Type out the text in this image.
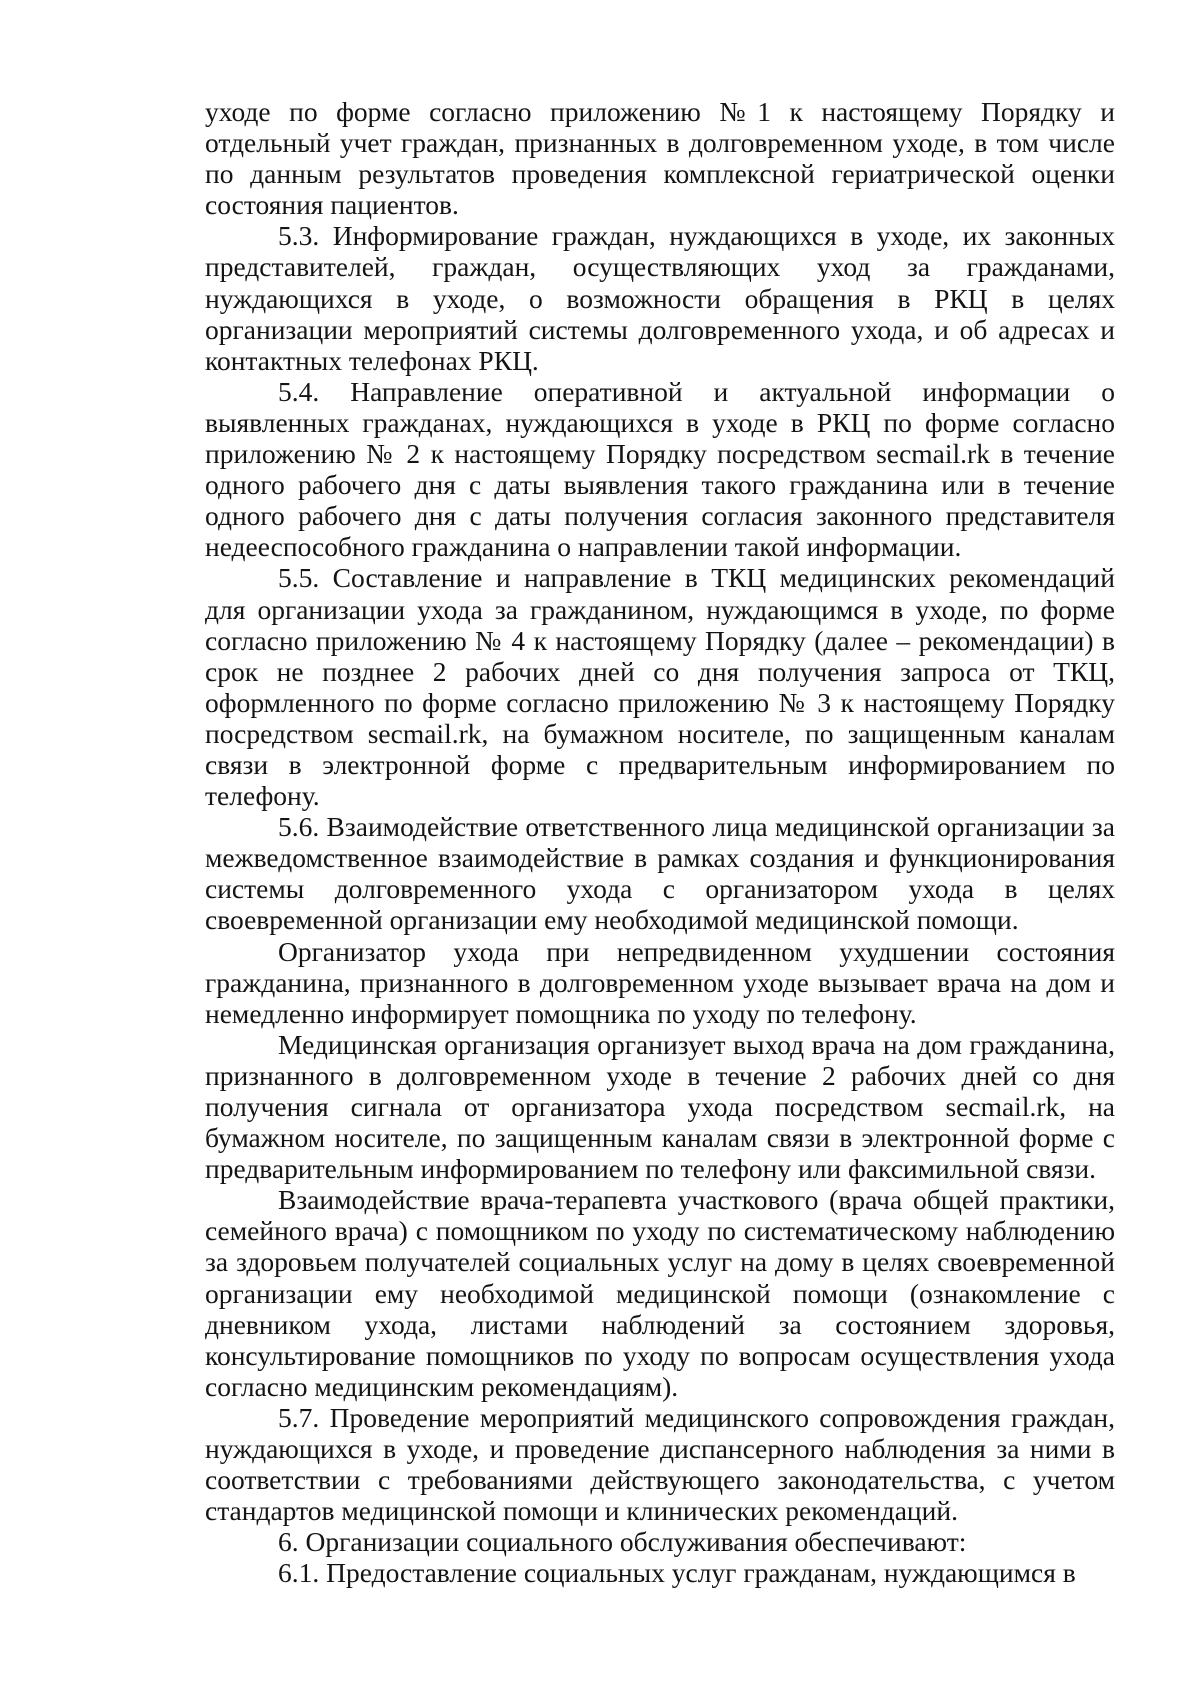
уходе по форме согласно приложению №1 к настоящему Порядку и отдельный учет граждан, признанных в долговременном уходе, в том числе по данным результатов проведения комплексной гериатрической оценки состояния пациентов.

5.3. Информирование граждан, нуждающихся в уходе, их законных представителей, граждан, осуществляющих уход за гражданами, нуждающихся в уходе, о возможности обращения в РКЦ в целях организации мероприятий системы долговременного ухода, и об адресах и контактных телефонах РКЦ.

5.4. Направление оперативной и актуальной информации о выявленных гражданах, нуждающихся в уходе в РКЦ по форме согласно приложению № 2 к настоящему Порядку посредством secmail.rk в течение одного рабочего дня с даты выявления такого гражданина или в течение одного рабочего дня с даты получения согласия законного представителя недееспособного гражданина о направлении такой информации.

5.5. Составление и направление в ТКЦ медицинских рекомендаций для организации ухода за гражданином, нуждающимся в уходе, по форме согласно приложению № 4 к настоящему Порядку (далее – рекомендации) в срок не позднее 2 рабочих дней со дня получения запроса от ТКЦ, оформленного по форме согласно приложению № 3 к настоящему Порядку посредством secmail.rk, на бумажном носителе, по защищенным каналам связи в электронной форме с предварительным информированием по телефону.

5.6. Взаимодействие ответственного лица медицинской организации за межведомственное взаимодействие в рамках создания и функционирования системы долговременного ухода с организатором ухода в целях своевременной организации ему необходимой медицинской помощи.

Организатор ухода при непредвиденном ухудшении состояния гражданина, признанного в долговременном уходе вызывает врача на дом и немедленно информирует помощника по уходу по телефону.

Медицинская организация организует выход врача на дом гражданина, признанного в долговременном уходе в течение 2 рабочих дней со дня получения сигнала от организатора ухода посредством secmail.rk, на бумажном носителе, по защищенным каналам связи в электронной форме с предварительным информированием по телефону или факсимильной связи.

Взаимодействие врача-терапевта участкового (врача общей практики, семейного врача) с помощником по уходу по систематическому наблюдению за здоровьем получателей социальных услуг на дому в целях своевременной организации ему необходимой медицинской помощи (ознакомление с дневником ухода, листами наблюдений за состоянием здоровья, консультирование помощников по уходу по вопросам осуществления ухода согласно медицинским рекомендациям).

5.7. Проведение мероприятий медицинского сопровождения граждан, нуждающихся в уходе, и проведение диспансерного наблюдения за ними в соответствии с требованиями действующего законодательства, с учетом стандартов медицинской помощи и клинических рекомендаций.

6. Организации социального обслуживания обеспечивают:

6.1. Предоставление социальных услуг гражданам, нуждающимся в
